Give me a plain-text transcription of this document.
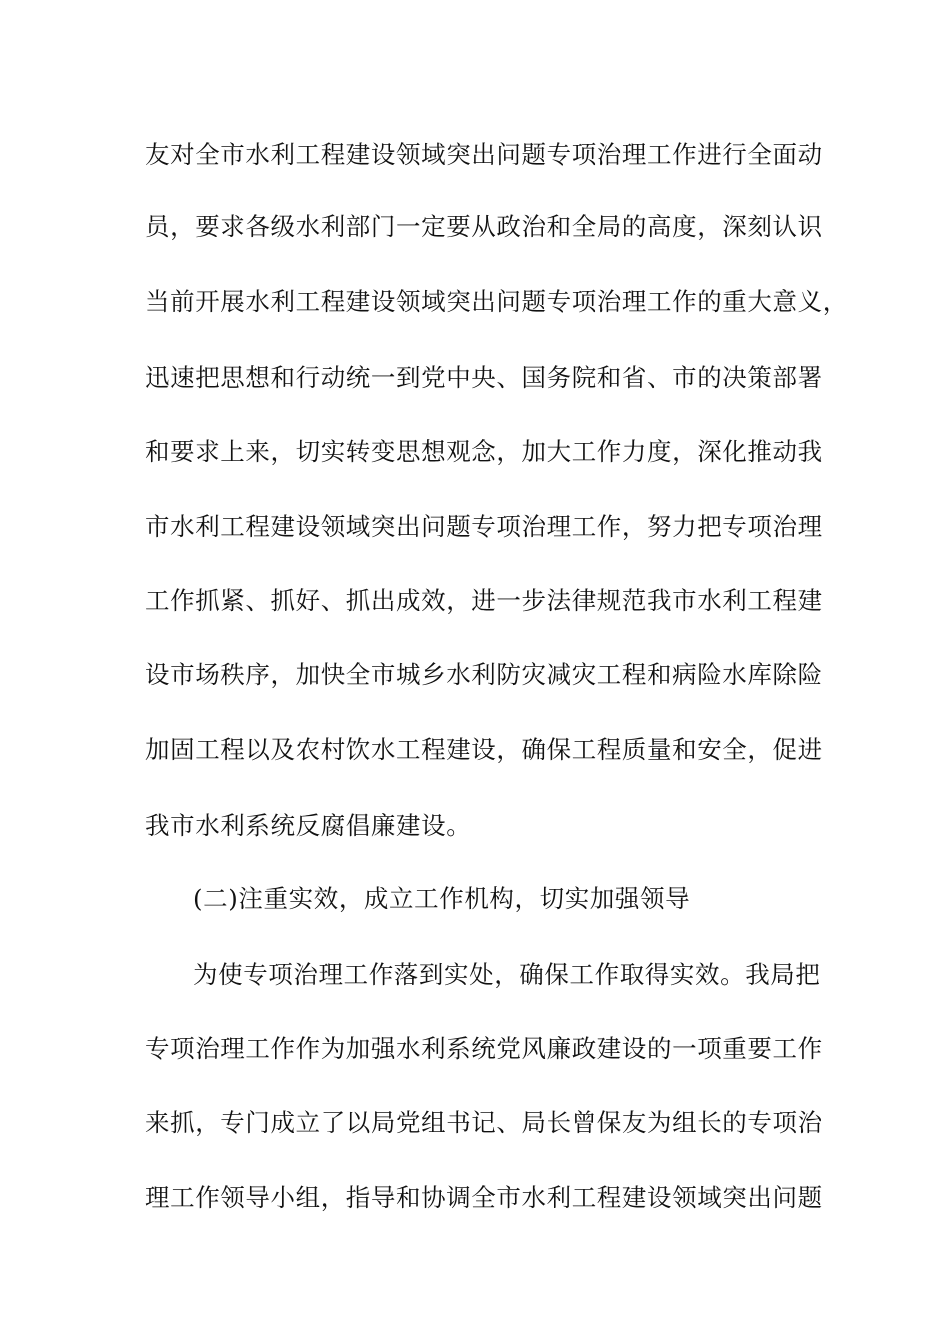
友对全市水利工程建设领域突出问题专项治理工作进行全面动
员，要求各级水利部门一定要从政治和全局的高度，深刻认识
当前开展水利工程建设领域突出问题专项治理工作的重大意义，
迅速把思想和行动统一到党中央、国务院和省、市的决策部署
和要求上来，切实转变思想观念，加大工作力度，深化推动我
市水利工程建设领域突出问题专项治理工作，努力把专项治理
工作抓紧、抓好、抓出成效，进一步法律规范我市水利工程建
设市场秩序，加快全市城乡水利防灾减灾工程和病险水库除险
加固工程以及农村饮水工程建设，确保工程质量和安全，促进
我市水利系统反腐倡廉建设。
(二)注重实效，成立工作机构，切实加强领导
为使专项治理工作落到实处，确保工作取得实效。我局把
专项治理工作作为加强水利系统党风廉政建设的一项重要工作
来抓，专门成立了以局党组书记、局长曾保友为组长的专项治
理工作领导小组，指导和协调全市水利工程建设领域突出问题
